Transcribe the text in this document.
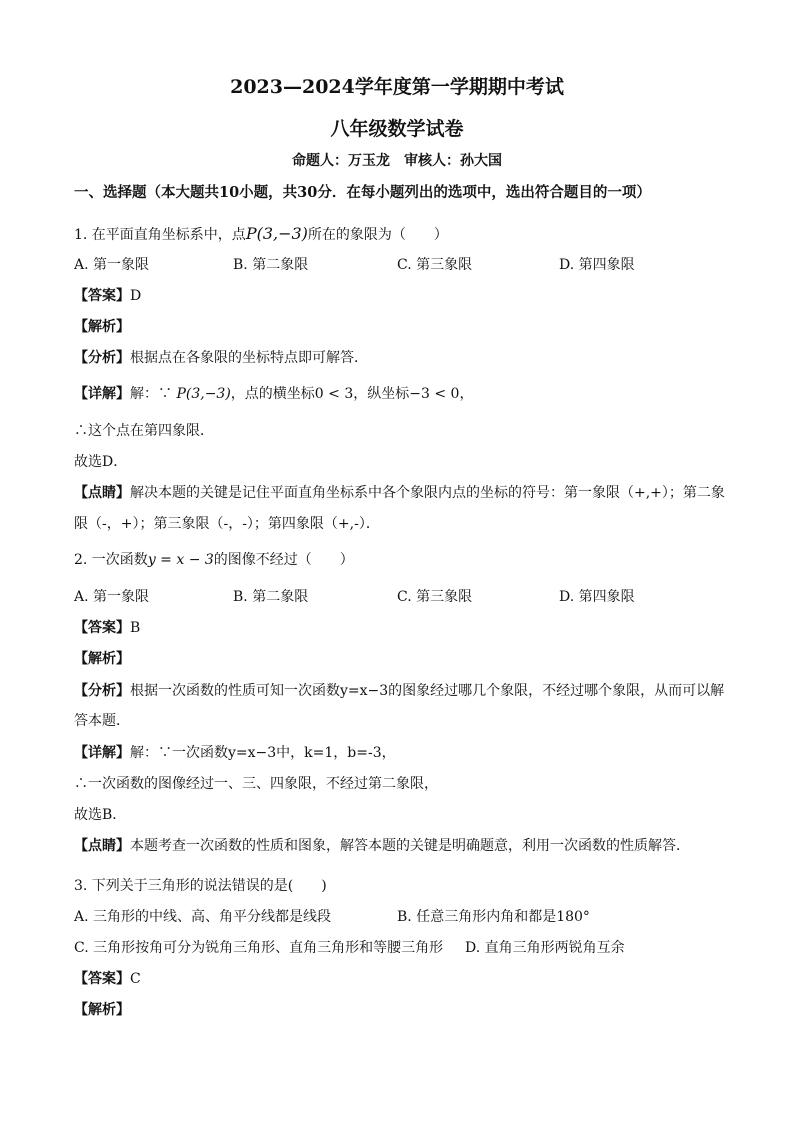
2023—2024学年度第一学期期中考试
八年级数学试卷
命题人：万玉龙　审核人：孙大国
一、选择题（本大题共10小题，共30分．在每小题列出的选项中，选出符合题目的一项）
1. 在平面直角坐标系中，点P(3,−3)所在的象限为（　　）
A. 第一象限	B. 第二象限	C. 第三象限	D. 第四象限
【答案】D
【解析】
【分析】根据点在各象限的坐标特点即可解答．
【详解】解：∵ P(3,−3)，点的横坐标0 < 3，纵坐标−3 < 0，
∴这个点在第四象限．
故选D．
【点睛】解决本题的关键是记住平面直角坐标系中各个象限内点的坐标的符号：第一象限（+,+）；第二象
限（-，+）；第三象限（-，-）；第四象限（+,-）．
2. 一次函数y = x − 3的图像不经过（　　）
A. 第一象限	B. 第二象限	C. 第三象限	D. 第四象限
【答案】B
【解析】
【分析】根据一次函数的性质可知一次函数y=x−3的图象经过哪几个象限，不经过哪个象限，从而可以解
答本题．
【详解】解：∵一次函数y=x−3中，k=1，b=-3，
∴一次函数的图像经过一、三、四象限，不经过第二象限，
故选B．
【点睛】本题考查一次函数的性质和图象，解答本题的关键是明确题意，利用一次函数的性质解答．
3. 下列关于三角形的说法错误的是(　　)
A. 三角形的中线、高、角平分线都是线段	B. 任意三角形内角和都是180°
C. 三角形按角可分为锐角三角形、直角三角形和等腰三角形 D. 直角三角形两锐角互余
【答案】C
【解析】
